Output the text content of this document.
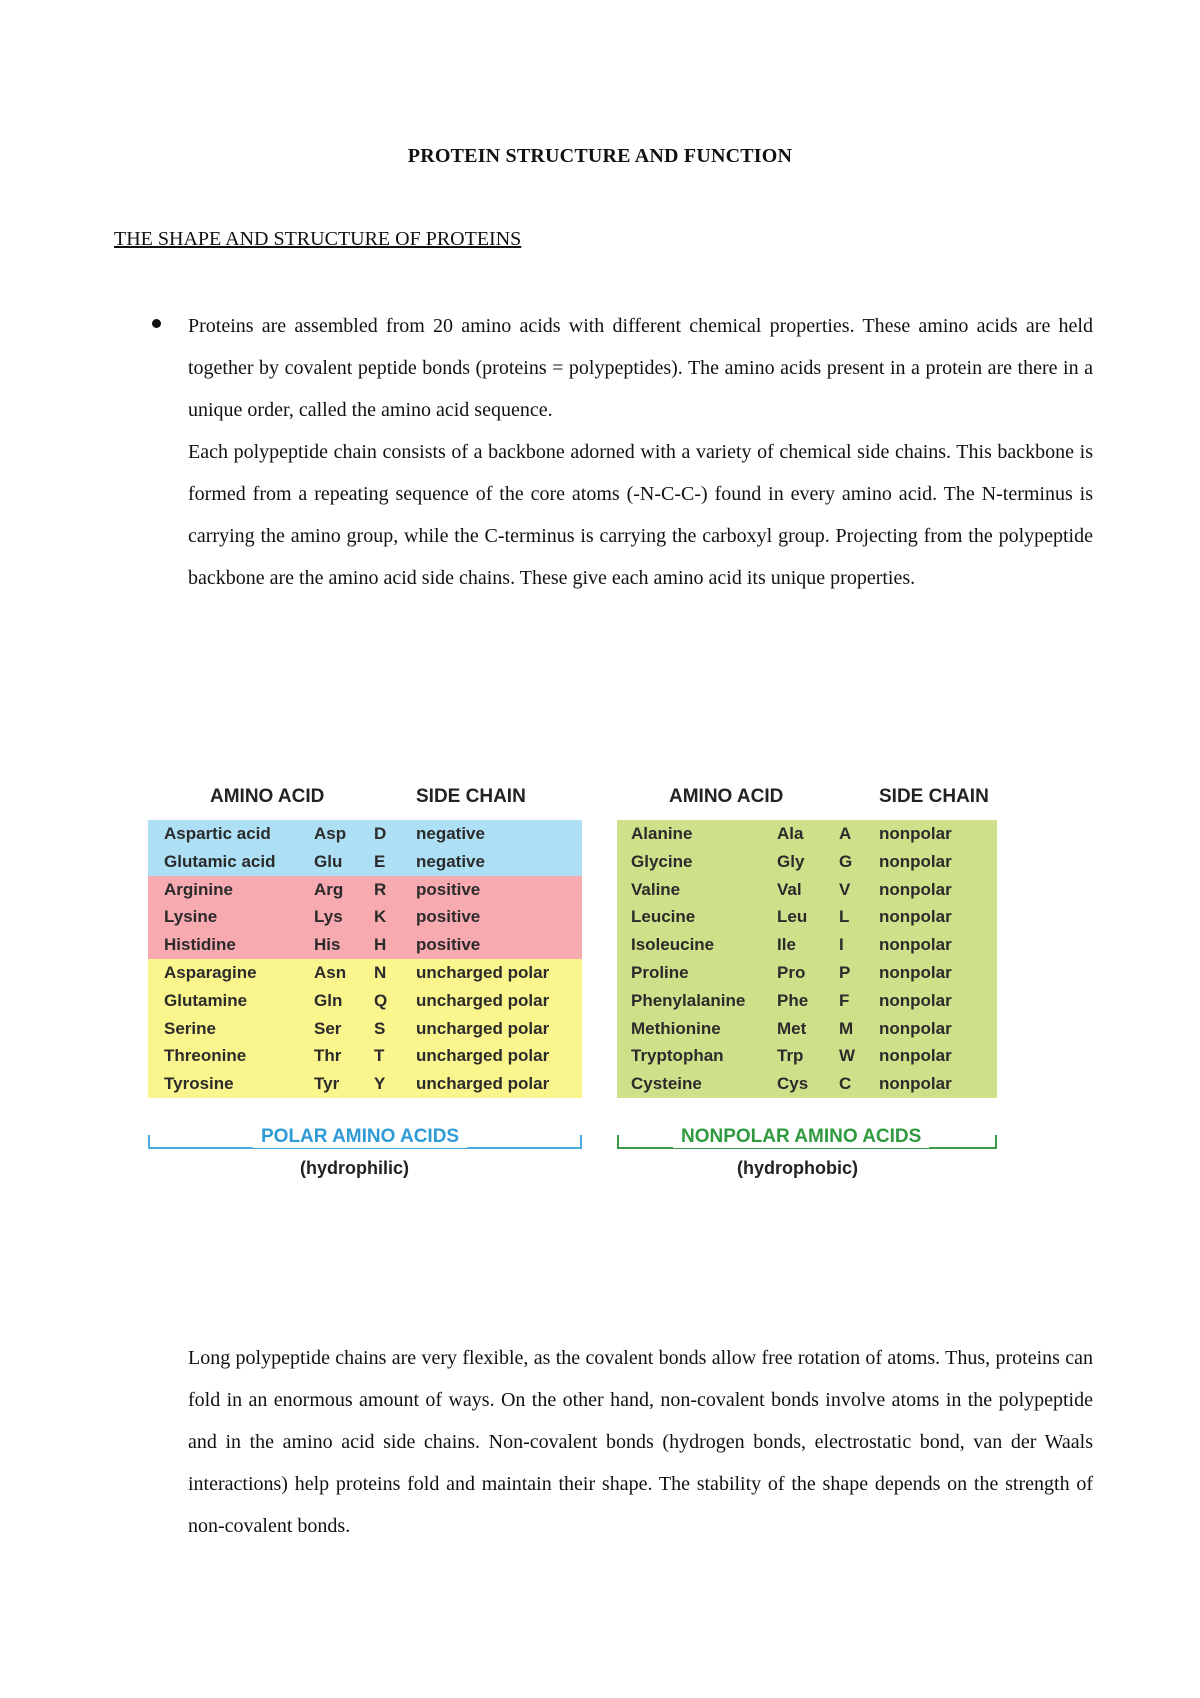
PROTEIN STRUCTURE AND FUNCTION
THE SHAPE AND STRUCTURE OF PROTEINS

Proteins are assembled from 20 amino acids with different chemical properties. These amino acids are held together by covalent peptide bonds (proteins = polypeptides). The amino acids present in a protein are there in a unique order, called the amino acid sequence.

Each polypeptide chain consists of a backbone adorned with a variety of chemical side chains. This backbone is formed from a repeating sequence of the core atoms (-N-C-C-) found in every amino acid. The N-terminus is carrying the amino group, while the C-terminus is carrying the carboxyl group. Projecting from the polypeptide backbone are the amino acid side chains. These give each amino acid its unique properties.

AMINO ACID	SIDE CHAIN
Aspartic acid	Asp D negative
Glutamic acid Glu E negative
Arginine	Arg R positive
Lysine	Lys K positive
Histidine	His H positive
Asparagine	Asn N uncharged polar
Glutamine	Gln Q uncharged polar
Serine	Ser S uncharged polar
Threonine	Thr T uncharged polar
Tyrosine	Tyr Y uncharged polar
AMINO ACID	SIDE CHAIN
Alanine	Ala A nonpolar
Glycine	Gly G nonpolar
Valine	Val V nonpolar
Leucine	Leu L nonpolar
Isoleucine	Ile	I nonpolar
Proline	Pro P nonpolar
Phenylalanine Phe F nonpolar
Methionine	Met M nonpolar
Tryptophan	Trp W nonpolar
Cysteine	Cys C nonpolar
POLAR AMINO ACIDS
(hydrophilic)
NONPOLAR AMINO ACIDS
(hydrophobic)

Long polypeptide chains are very flexible, as the covalent bonds allow free rotation of atoms. Thus, proteins can fold in an enormous amount of ways. On the other hand, non-covalent bonds involve atoms in the polypeptide and in the amino acid side chains. Non-covalent bonds (hydrogen bonds, electrostatic bond, van der Waals interactions) help proteins fold and maintain their shape. The stability of the shape depends on the strength of non-covalent bonds.
